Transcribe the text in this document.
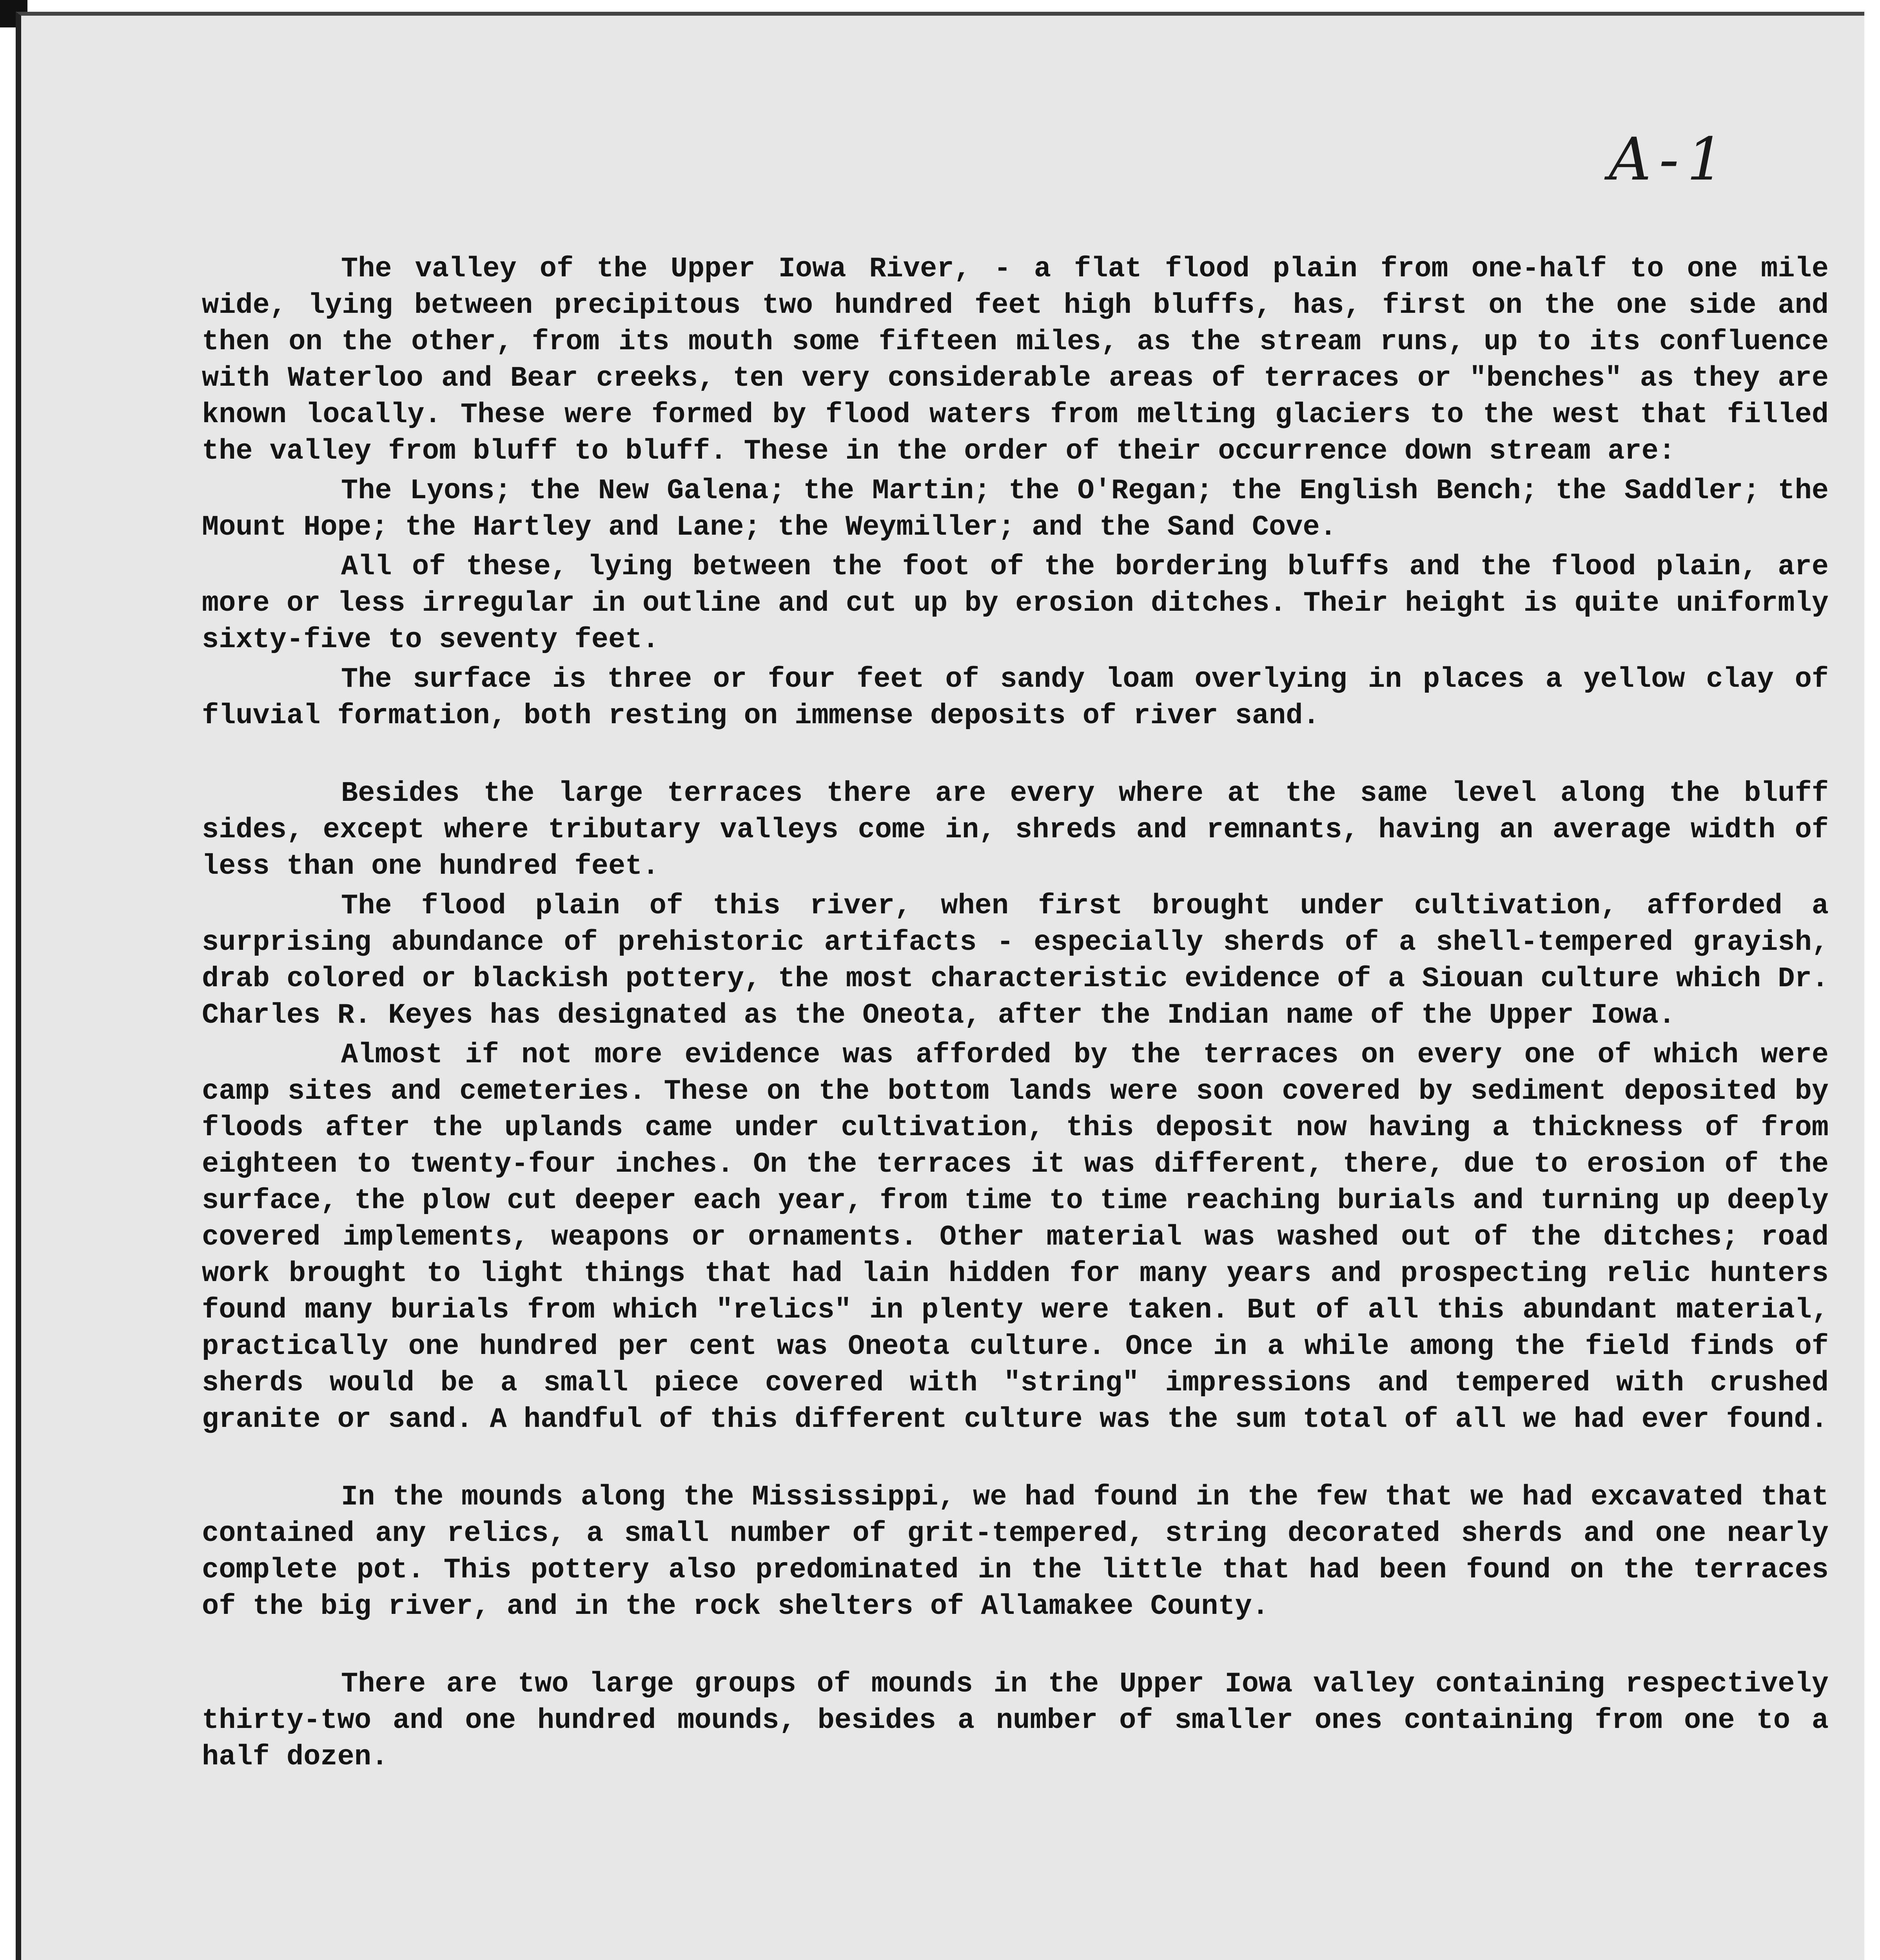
A-1

The valley of the Upper Iowa River, - a flat flood plain from one-half to one mile wide, lying between precipitous two hundred feet high bluffs, has, first on the one side and then on the other, from its mouth some fifteen miles, as the stream runs, up to its confluence with Waterloo and Bear creeks, ten very considerable areas of terraces or "benches" as they are known locally. These were formed by flood waters from melting glaciers to the west that filled the valley from bluff to bluff. These in the order of their occurrence down stream are:

The Lyons; the New Galena; the Martin; the O'Regan; the English Bench; the Saddler; the Mount Hope; the Hartley and Lane; the Weymiller; and the Sand Cove.

All of these, lying between the foot of the bordering bluffs and the flood plain, are more or less irregular in outline and cut up by erosion ditches. Their height is quite uniformly sixty-five to seventy feet.

The surface is three or four feet of sandy loam overlying in places a yellow clay of fluvial formation, both resting on immense deposits of river sand.

Besides the large terraces there are every where at the same level along the bluff sides, except where tributary valleys come in, shreds and remnants, having an average width of less than one hundred feet.

The flood plain of this river, when first brought under cultivation, afforded a surprising abundance of prehistoric artifacts - especially sherds of a shell-tempered grayish, drab colored or blackish pottery, the most characteristic evidence of a Siouan culture which Dr. Charles R. Keyes has designated as the Oneota, after the Indian name of the Upper Iowa.

Almost if not more evidence was afforded by the terraces on every one of which were camp sites and cemeteries. These on the bottom lands were soon covered by sediment deposited by floods after the uplands came under cultivation, this deposit now having a thickness of from eighteen to twenty-four inches. On the terraces it was different, there, due to erosion of the surface, the plow cut deeper each year, from time to time reaching burials and turning up deeply covered implements, weapons or ornaments. Other material was washed out of the ditches; road work brought to light things that had lain hidden for many years and prospecting relic hunters found many burials from which "relics" in plenty were taken. But of all this abundant material, practically one hundred per cent was Oneota culture. Once in a while among the field finds of sherds would be a small piece covered with "string" impressions and tempered with crushed granite or sand. A handful of this different culture was the sum total of all we had ever found.

In the mounds along the Mississippi, we had found in the few that we had excavated that contained any relics, a small number of grit-tempered, string decorated sherds and one nearly complete pot. This pottery also predominated in the little that had been found on the terraces of the big river, and in the rock shelters of Allamakee County.

There are two large groups of mounds in the Upper Iowa valley containing respectively thirty-two and one hundred mounds, besides a number of smaller ones containing from one to a half dozen.
